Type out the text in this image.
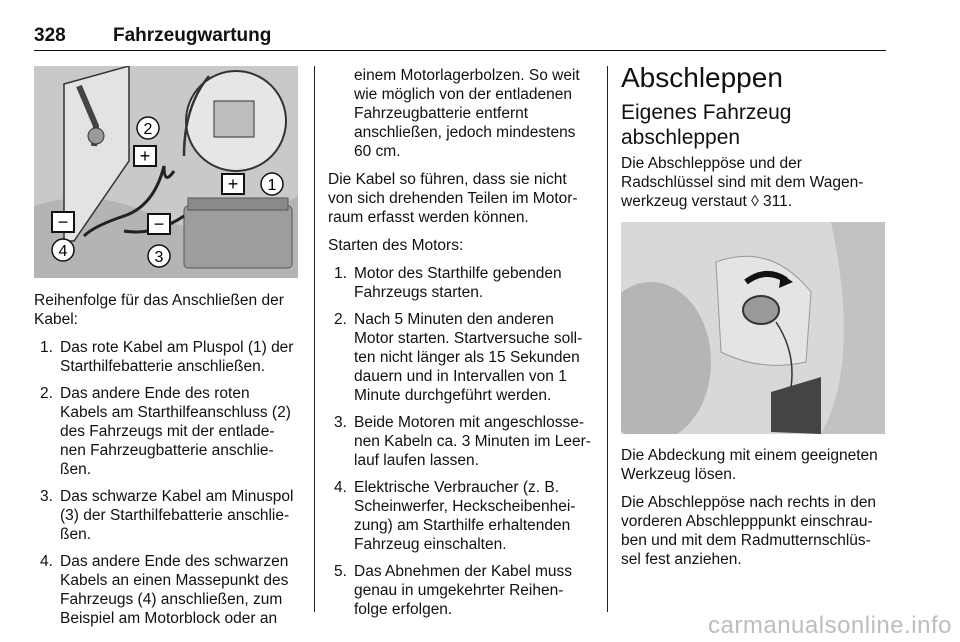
328 Fahrzeugwartung
+
+
−	−
2
1
4	3

Reihenfolge für das Anschließen der Kabel:

1. Das rote Kabel am Pluspol (1) der Starthilfebatterie anschließen.
2. Das andere Ende des roten Kabels am Starthilfeanschluss (2) des Fahrzeugs mit der entlade-nen Fahrzeugbatterie anschlie-ßen.
3. Das schwarze Kabel am Minuspol (3) der Starthilfebatterie anschlie-ßen.
4. Das andere Ende des schwarzen Kabels an einen Massepunkt des Fahrzeugs (4) anschließen, zum Beispiel am Motorblock oder an

einem Motorlagerbolzen. So weit wie möglich von der entladenen Fahrzeugbatterie entfernt anschließen, jedoch mindestens 60 cm.

Die Kabel so führen, dass sie nicht von sich drehenden Teilen im Motor-raum erfasst werden können.

Starten des Motors:

1. Motor des Starthilfe gebenden Fahrzeugs starten.
2. Nach 5 Minuten den anderen Motor starten. Startversuche soll-ten nicht länger als 15 Sekunden dauern und in Intervallen von 1 Minute durchgeführt werden.
3. Beide Motoren mit angeschlosse-nen Kabeln ca. 3 Minuten im Leer-lauf laufen lassen.
4. Elektrische Verbraucher (z. B. Scheinwerfer, Heckscheibenhei-zung) am Starthilfe erhaltenden Fahrzeug einschalten.
5. Das Abnehmen der Kabel muss genau in umgekehrter Reihen-folge erfolgen.
Abschleppen
Eigenes Fahrzeug abschleppen

Die Abschleppöse und der Radschlüssel sind mit dem Wagen-werkzeug verstaut ◊ 311.

Die Abdeckung mit einem geeigneten Werkzeug lösen.

Die Abschleppöse nach rechts in den vorderen Abschlepppunkt einschrau-ben und mit dem Radmutternschlüs-sel fest anziehen.

carmanualsonline.info
